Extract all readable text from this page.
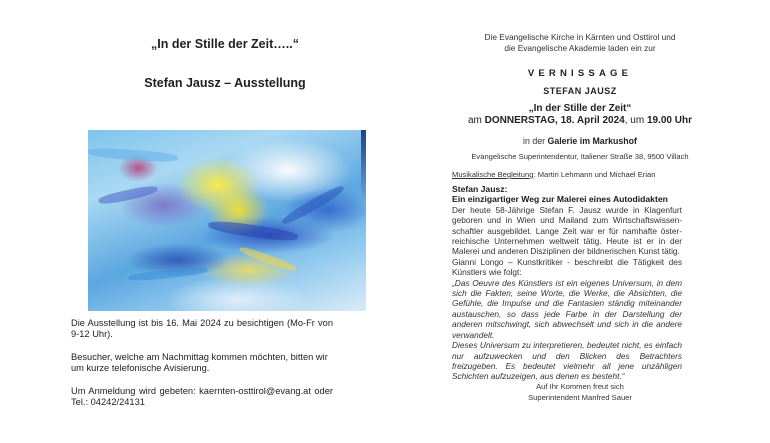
„In der Stille der Zeit…..“
Stefan Jausz – Ausstellung
Die Ausstellung ist bis 16. Mai 2024 zu besichtigen (Mo-Fr von 9-12 Uhr).
Besucher, welche am Nachmittag kommen möchten, bitten wir um kurze telefonische Avisierung.
Um Anmeldung wird gebeten: kaernten-osttirol@evang.at oder Tel.: 04242/24131
Die Evangelische Kirche in Kärnten und Osttirol und
die Evangelische Akademie laden ein zur
VERNISSAGE
STEFAN JAUSZ
„In der Stille der Zeit“
am DONNERSTAG, 18. April 2024, um 19.00 Uhr
in der Galerie im Markushof
Evangelische Superintendentur, Italiener Straße 38, 9500 Villach
Musikalische Begleitung: Martin Lehmann und Michael Erian
Stefan Jausz:
Ein einzigartiger Weg zur Malerei eines Autodidakten
Der heute 58-Jährige Stefan F. Jausz wurde in Klagenfurt geboren und in Wien und Mailand zum Wirtschaftswissenschaftler ausgebildet. Lange Zeit war er für namhafte österreichische Unternehmen weltweit tätig. Heute ist er in der Malerei und anderen Disziplinen der bildnerischen Kunst tätig.
Gianni Longo – Kunstkritiker - beschreibt die Tätigkeit des Künstlers wie folgt:
„Das Oeuvre des Künstlers ist ein eigenes Universum, in dem sich die Fakten, seine Worte, die Werke, die Absichten, die Gefühle, die Impulse und die Fantasien ständig miteinander austauschen, so dass jede Farbe in der Darstellung der anderen mitschwingt, sich abwechselt und sich in die andere verwandelt.
Dieses Universum zu interpretieren, bedeutet nicht, es einfach nur aufzuwecken und den Blicken des Betrachters freizugeben. Es bedeutet vielmehr all jene unzähligen Schichten aufzuzeigen, aus denen es besteht.“
Auf Ihr Kommen freut sich
Superintendent Manfred Sauer
